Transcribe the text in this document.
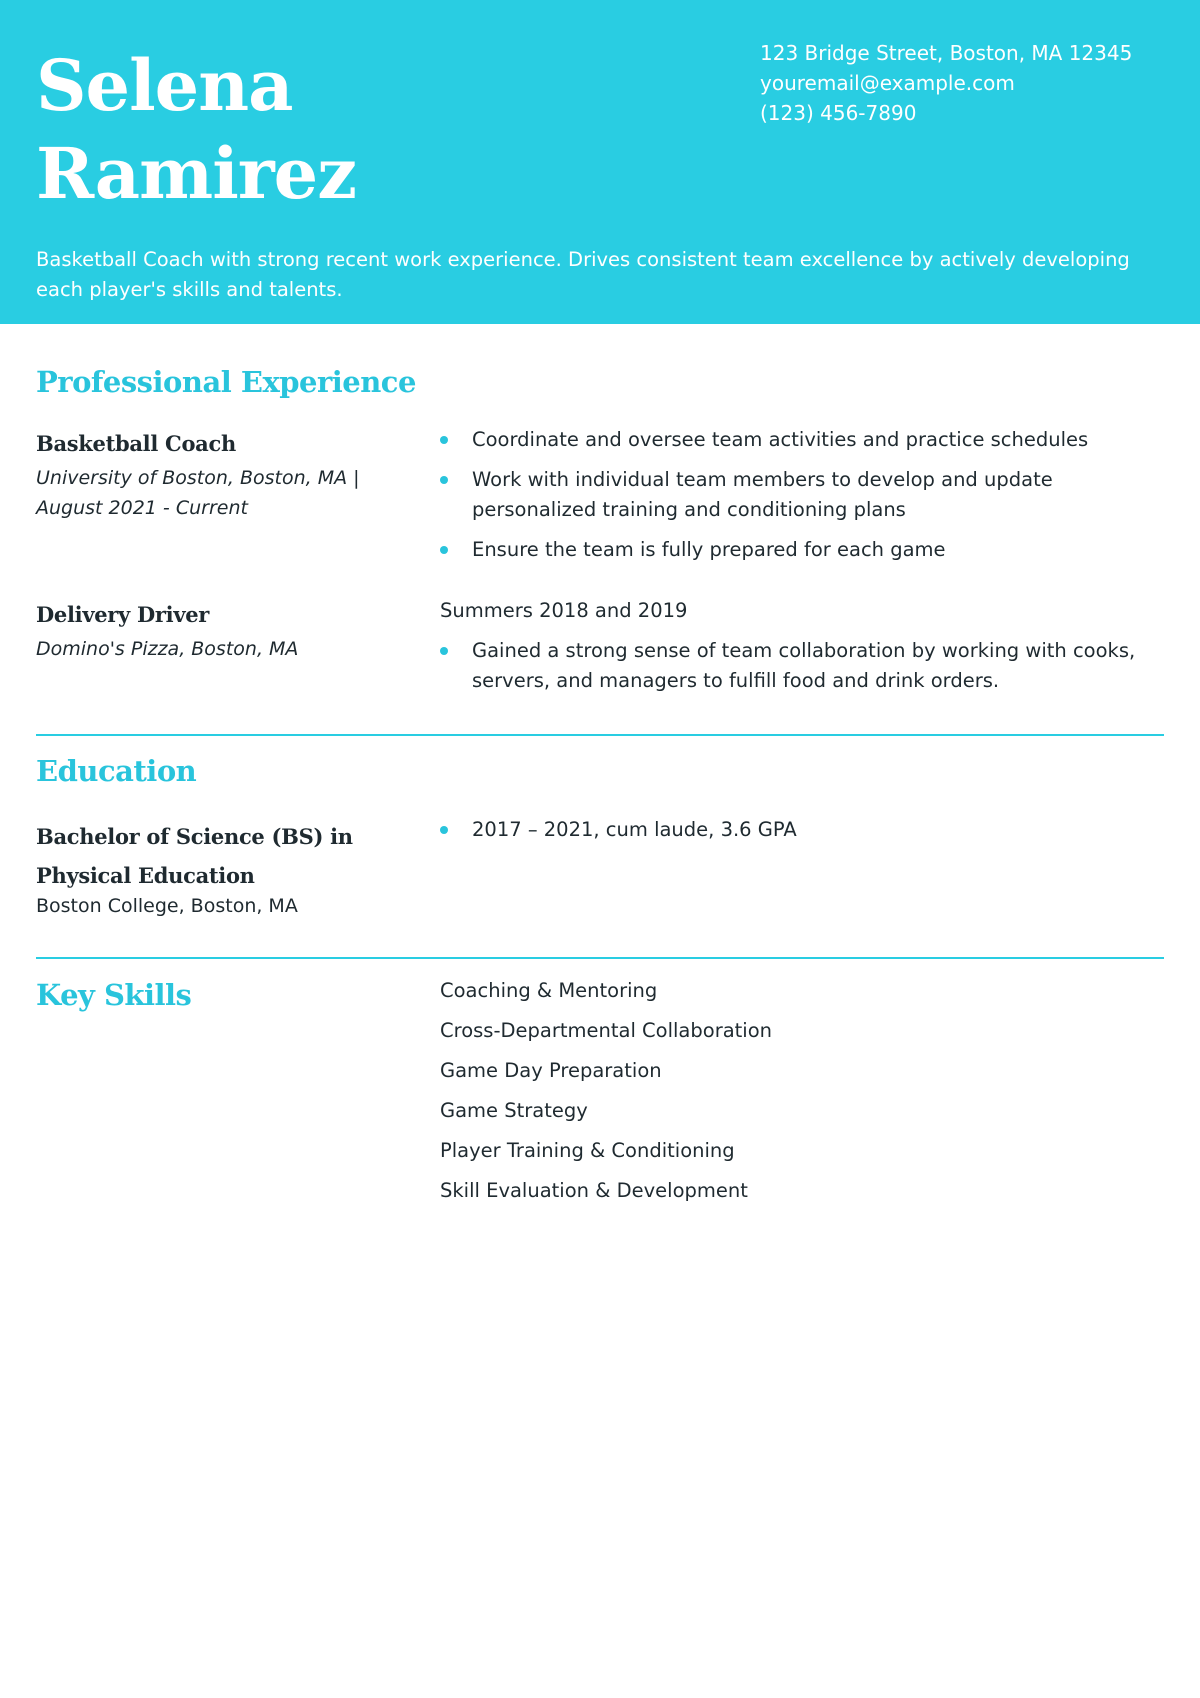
Selena
Ramirez
123 Bridge Street, Boston, MA 12345
youremail@example.com
(123) 456-7890
Basketball Coach with strong recent work experience. Drives consistent team excellence by actively developing each player's skills and talents.
Professional Experience
Basketball Coach
University of Boston, Boston, MA |
August 2021 - Current
Coordinate and oversee team activities and practice schedules
Work with individual team members to develop and update personalized training and conditioning plans
Ensure the team is fully prepared for each game
Delivery Driver
Domino's Pizza, Boston, MA
Summers 2018 and 2019
Gained a strong sense of team collaboration by working with cooks, servers, and managers to fulfill food and drink orders.
Education
Bachelor of Science (BS) in
Physical Education
Boston College, Boston, MA
2017 – 2021, cum laude, 3.6 GPA
Key Skills	Coaching & Mentoring
Cross-Departmental Collaboration
Game Day Preparation
Game Strategy
Player Training & Conditioning
Skill Evaluation & Development
